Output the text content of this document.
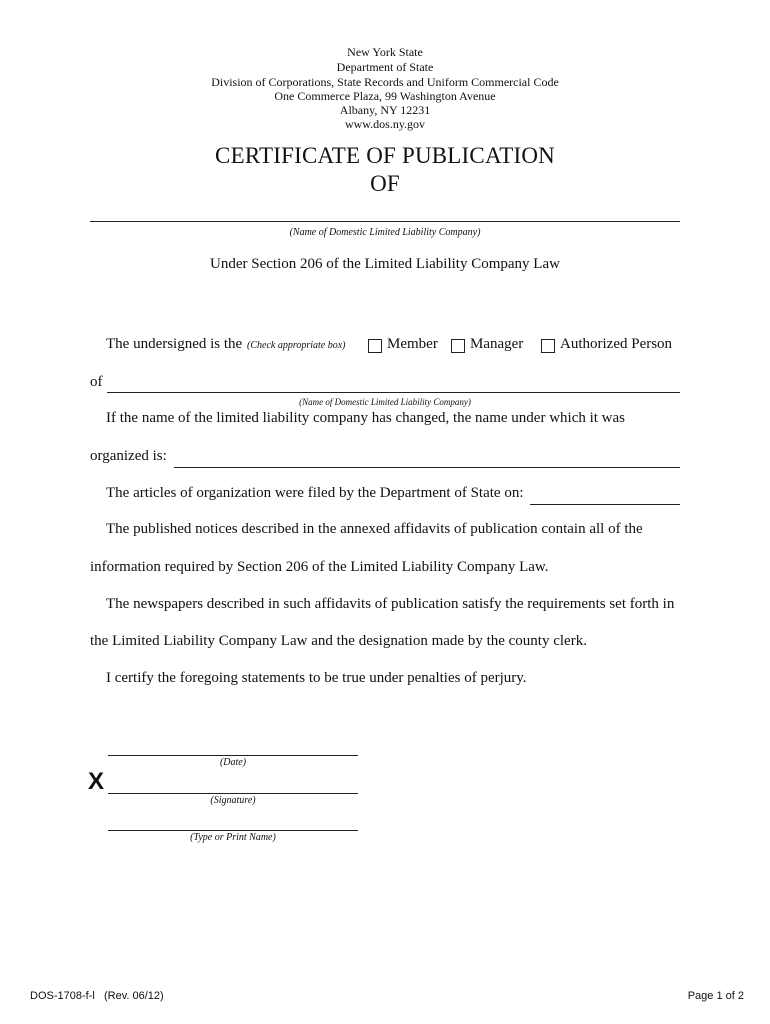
New York State
Department of State
Division of Corporations, State Records and Uniform Commercial Code
One Commerce Plaza, 99 Washington Avenue
Albany, NY 12231
www.dos.ny.gov
CERTIFICATE OF PUBLICATION
OF
(Name of Domestic Limited Liability Company)
Under Section 206 of the Limited Liability Company Law
The undersigned is the (Check appropriate box)	Member Manager Authorized Person
of
(Name of Domestic Limited Liability Company)
If the name of the limited liability company has changed, the name under which it was
organized is:
The articles of organization were filed by the Department of State on:
The published notices described in the annexed affidavits of publication contain all of the
information required by Section 206 of the Limited Liability Company Law.
The newspapers described in such affidavits of publication satisfy the requirements set forth in
the Limited Liability Company Law and the designation made by the county clerk.
I certify the foregoing statements to be true under penalties of perjury.
(Date)
X
(Signature)
(Type or Print Name)
DOS-1708-f-l   (Rev. 06/12)	Page 1 of 2
